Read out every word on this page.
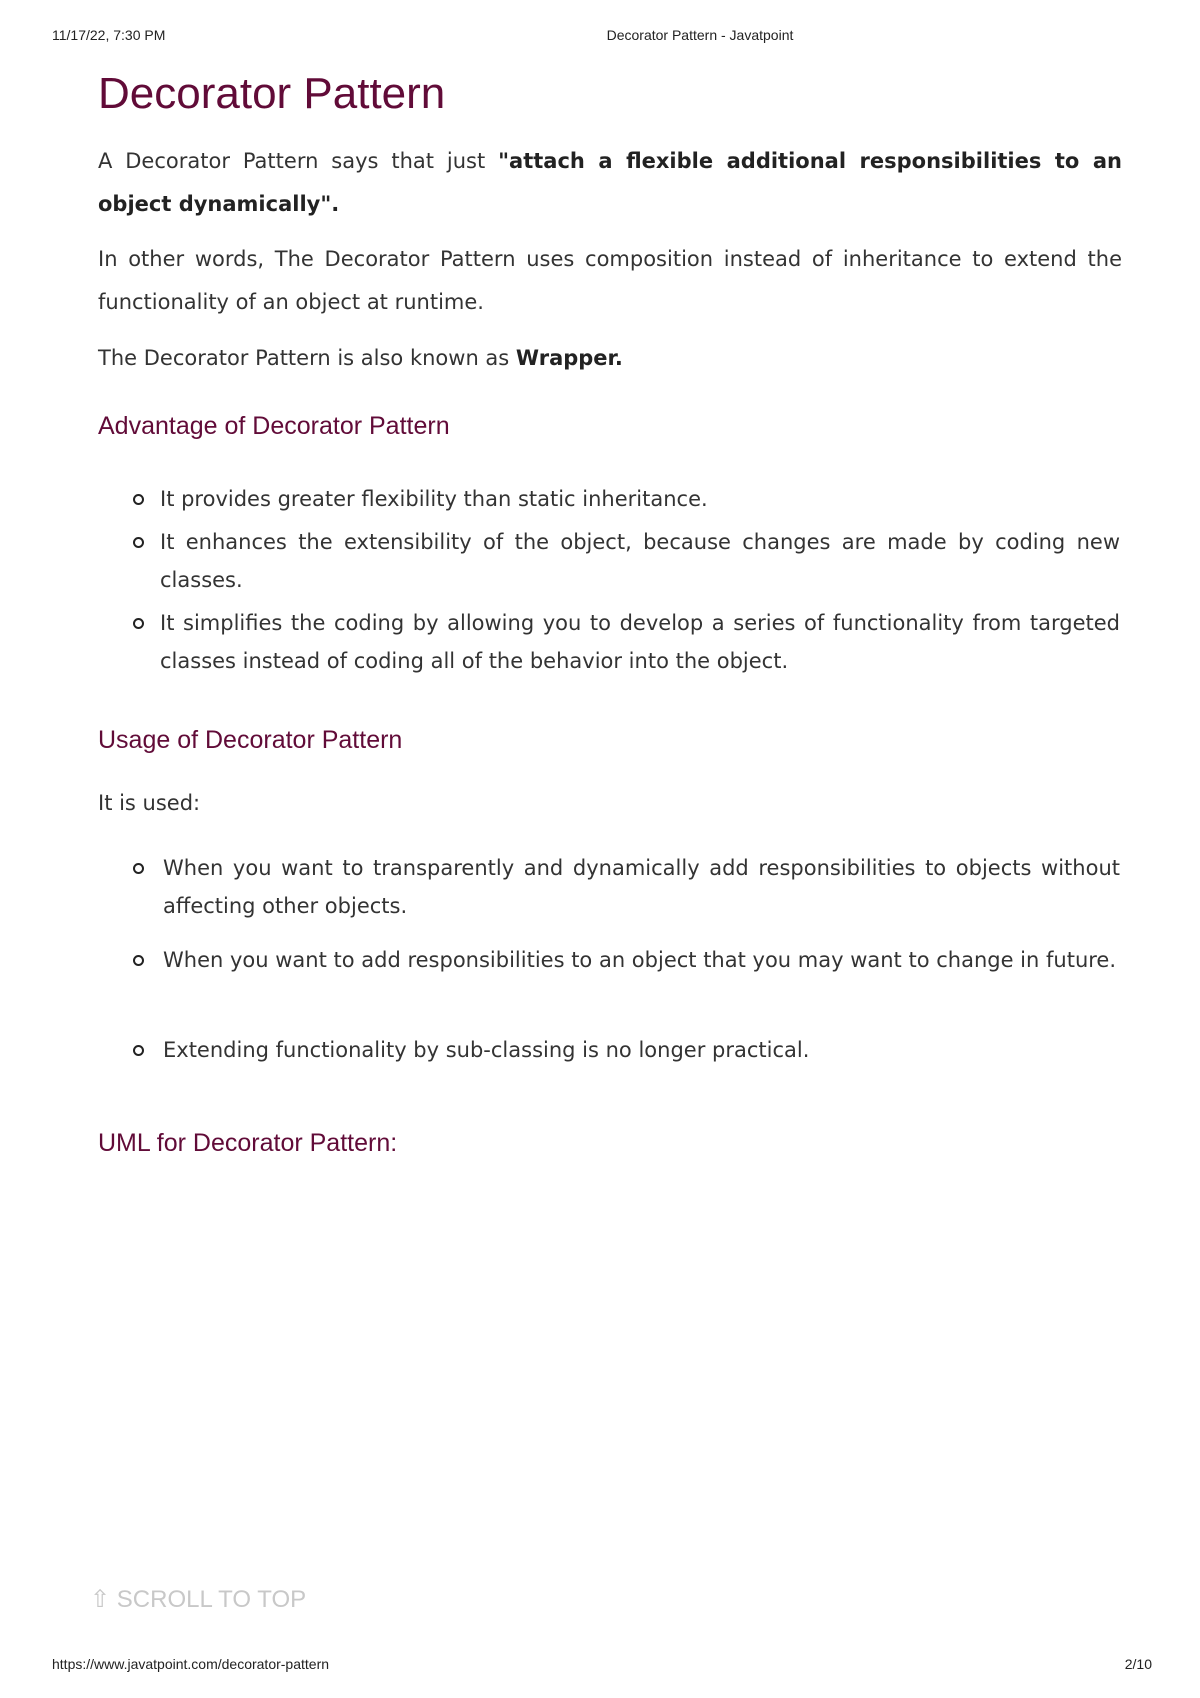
11/17/22, 7:30 PM	Decorator Pattern - Javatpoint
Decorator Pattern

A Decorator Pattern says that just "attach a flexible additional responsibilities to an object dynamically".

In other words, The Decorator Pattern uses composition instead of inheritance to extend the functionality of an object at runtime.

The Decorator Pattern is also known as Wrapper.

Advantage of Decorator Pattern
It provides greater flexibility than static inheritance.
It enhances the extensibility of the object, because changes are made by coding new classes.
It simplifies the coding by allowing you to develop a series of functionality from targeted classes instead of coding all of the behavior into the object.
Usage of Decorator Pattern

It is used:

When you want to transparently and dynamically add responsibilities to objects without affecting other objects.
When you want to add responsibilities to an object that you may want to change in future.
Extending functionality by sub-classing is no longer practical.
UML for Decorator Pattern:
⇧ SCROLL TO TOP
https://www.javatpoint.com/decorator-pattern	2/10
